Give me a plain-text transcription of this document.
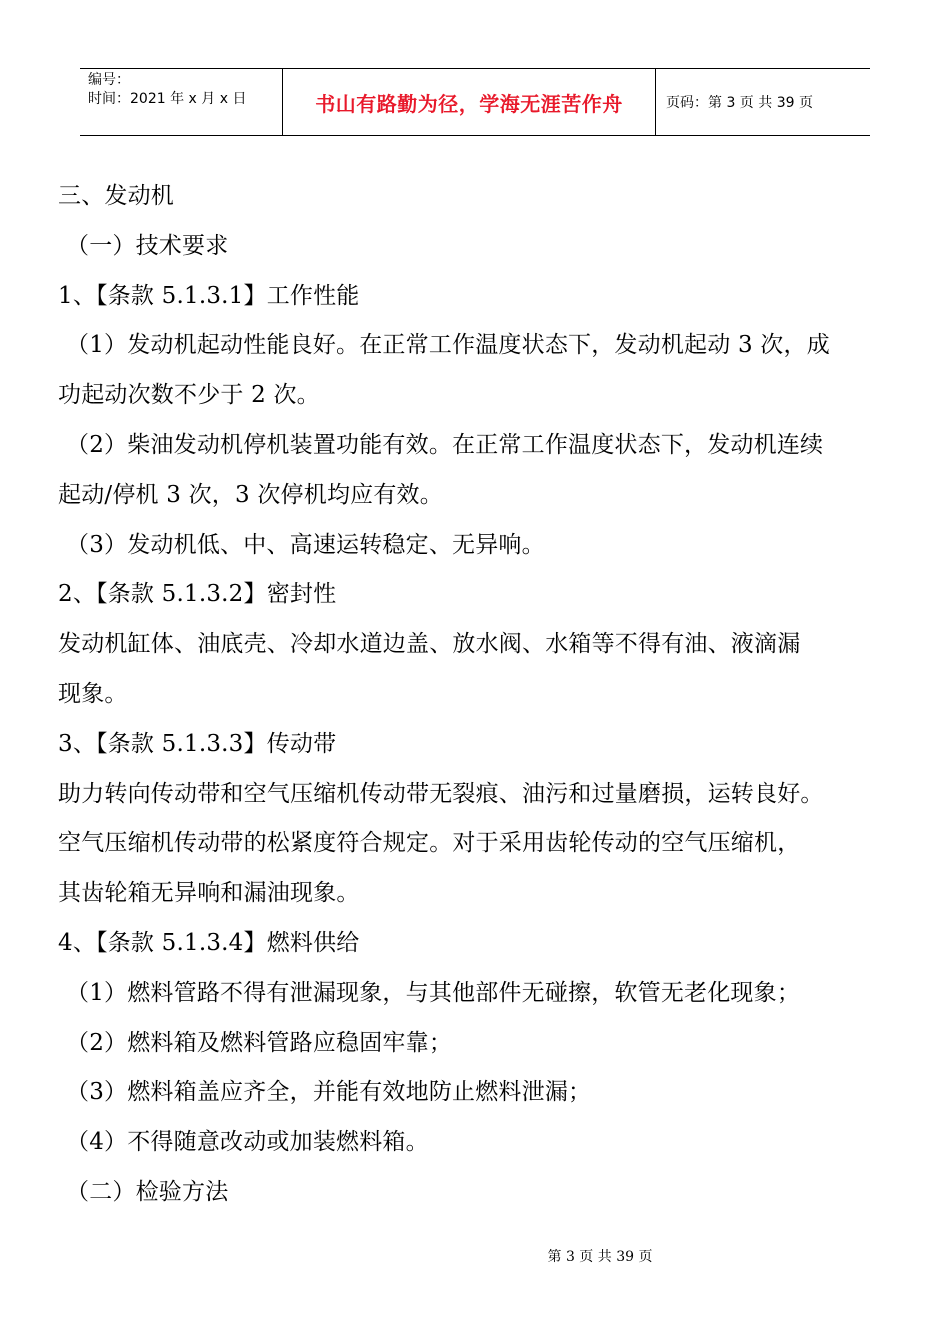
编号：
时间：2021 年 x 月 x 日	书山有路勤为径，学海无涯苦作舟	页码：第 3 页 共 39 页
三、发动机
（一）技术要求
1、【条款 5.1.3.1】工作性能
（1）发动机起动性能良好。在正常工作温度状态下，发动机起动 3 次，成
功起动次数不少于 2 次。
（2）柴油发动机停机装置功能有效。在正常工作温度状态下，发动机连续
起动/停机 3 次，3 次停机均应有效。
（3）发动机低、中、高速运转稳定、无异响。
2、【条款 5.1.3.2】密封性
发动机缸体、油底壳、冷却水道边盖、放水阀、水箱等不得有油、液滴漏
现象。
3、【条款 5.1.3.3】传动带
助力转向传动带和空气压缩机传动带无裂痕、油污和过量磨损，运转良好。
空气压缩机传动带的松紧度符合规定。对于采用齿轮传动的空气压缩机，
其齿轮箱无异响和漏油现象。
4、【条款 5.1.3.4】燃料供给
（1）燃料管路不得有泄漏现象，与其他部件无碰擦，软管无老化现象；
（2）燃料箱及燃料管路应稳固牢靠；
（3）燃料箱盖应齐全，并能有效地防止燃料泄漏；
（4）不得随意改动或加装燃料箱。
（二）检验方法
第 3 页 共 39 页
